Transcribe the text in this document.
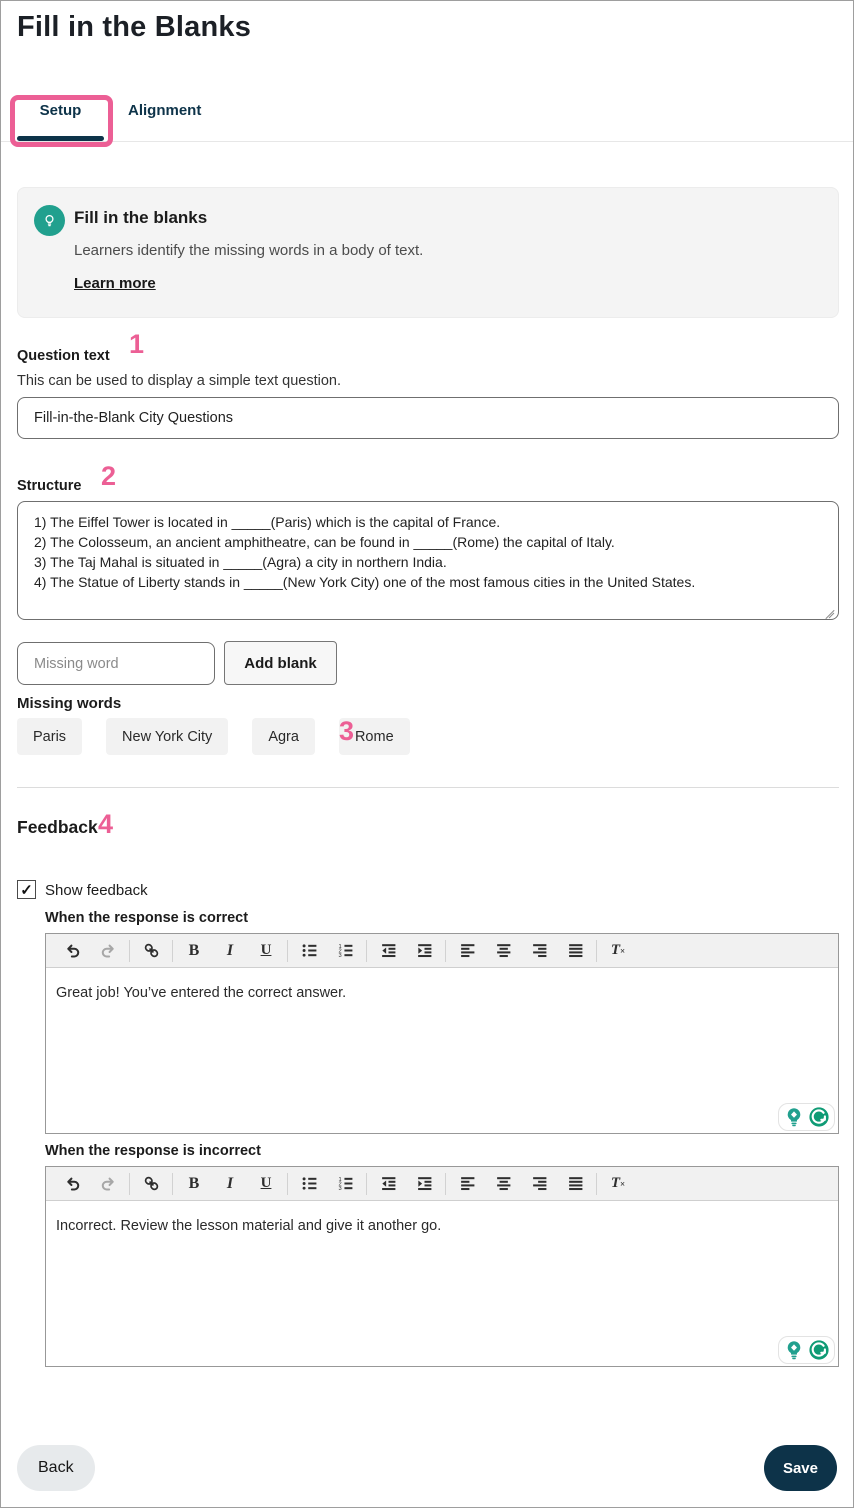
Fill in the Blanks
Setup	Alignment
Fill in the blanks
Learners identify the missing words in a body of text.
Learn more
Question text 1
This can be used to display a simple text question.
Fill-in-the-Blank City Questions
Structure 2
1) The Eiffel Tower is located in _____(Paris) which is the capital of France. 2) The Colosseum, an ancient amphitheatre, can be found in _____(Rome) the capital of Italy. 3) The Taj Mahal is situated in _____(Agra) a city in northern India. 4) The Statue of Liberty stands in _____(New York City) one of the most famous cities in the United States.
Missing word
Add blank
Missing words
Paris	New York City	Agra	Rome
3
Feedback 4
✓ Show feedback
When the response is correct
B	I	U	T ×
Great job! You’ve entered the correct answer.
When the response is incorrect
B	I	U	T ×
Incorrect. Review the lesson material and give it another go.
Back	Save
